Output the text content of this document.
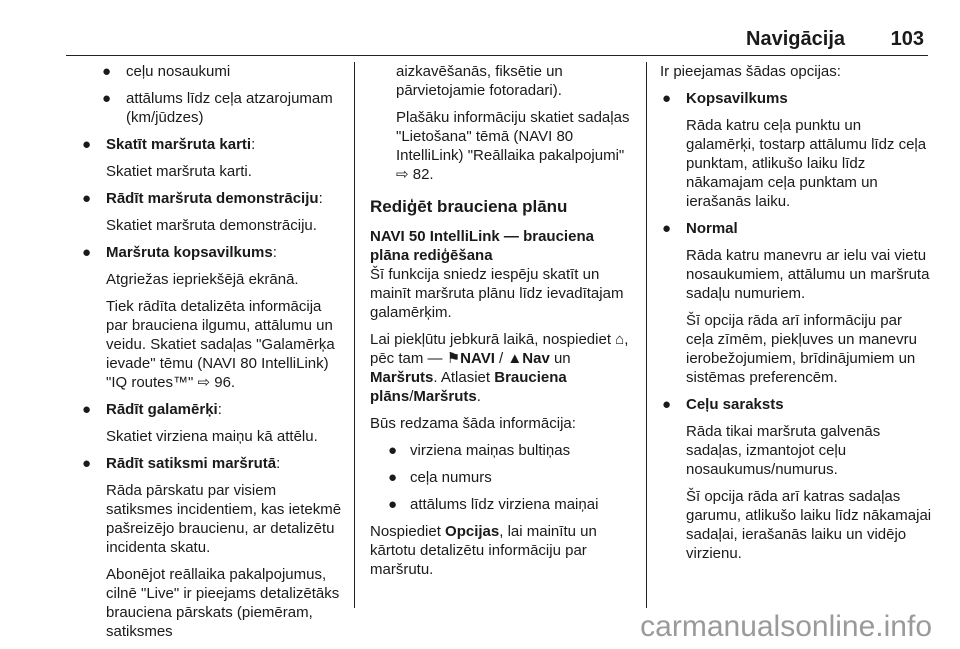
Navigācija 103
● ceļu nosaukumi
● attālums līdz ceļa atzarojumam (km/jūdzes)
● Skatīt maršruta karti:

Skatiet maršruta karti.

● Rādīt maršruta demonstrāciju:

Skatiet maršruta demonstrāciju.

● Maršruta kopsavilkums:

Atgriežas iepriekšējā ekrānā.

Tiek rādīta detalizēta informācija par brauciena ilgumu, attālumu un veidu. Skatiet sadaļas "Galamērķa ievade" tēmu (NAVI 80 IntelliLink) "IQ routes™" ⇨ 96.

● Rādīt galamērķi:

Skatiet virziena maiņu kā attēlu.

● Rādīt satiksmi maršrutā:

Rāda pārskatu par visiem satiksmes incidentiem, kas ietekmē pašreizējo braucienu, ar detalizētu incidenta skatu.

Abonējot reāllaika pakalpojumus, cilnē "Live" ir pieejams detalizētāks brauciena pārskats (piemēram, satiksmes

aizkavēšanās, fiksētie un pārvietojamie fotoradari).

Plašāku informāciju skatiet sadaļas "Lietošana" tēmā (NAVI 80 IntelliLink) "Reāllaika pakalpojumi" ⇨ 82.

Rediģēt brauciena plānu

NAVI 50 IntelliLink — brauciena plāna rediģēšana

Šī funkcija sniedz iespēju skatīt un mainīt maršruta plānu līdz ievadītajam galamērķim.

Lai piekļūtu jebkurā laikā, nospiediet ⌂, pēc tam — ⚑NAVI / ▲Nav un Maršruts. Atlasiet Brauciena plāns/Maršruts.

Būs redzama šāda informācija:

● virziena maiņas bultiņas
● ceļa numurs
● attālums līdz virziena maiņai

Nospiediet Opcijas, lai mainītu un kārtotu detalizētu informāciju par maršrutu.

Ir pieejamas šādas opcijas:

● Kopsavilkums

Rāda katru ceļa punktu un galamērķi, tostarp attālumu līdz ceļa punktam, atlikušo laiku līdz nākamajam ceļa punktam un ierašanās laiku.

● Normal

Rāda katru manevru ar ielu vai vietu nosaukumiem, attālumu un maršruta sadaļu numuriem.

Šī opcija rāda arī informāciju par ceļa zīmēm, piekļuves un manevru ierobežojumiem, brīdinājumiem un sistēmas preferencēm.

● Ceļu saraksts

Rāda tikai maršruta galvenās sadaļas, izmantojot ceļu nosaukumus/numurus.

Šī opcija rāda arī katras sadaļas garumu, atlikušo laiku līdz nākamajai sadaļai, ierašanās laiku un vidējo virzienu.

carmanualsonline.info
